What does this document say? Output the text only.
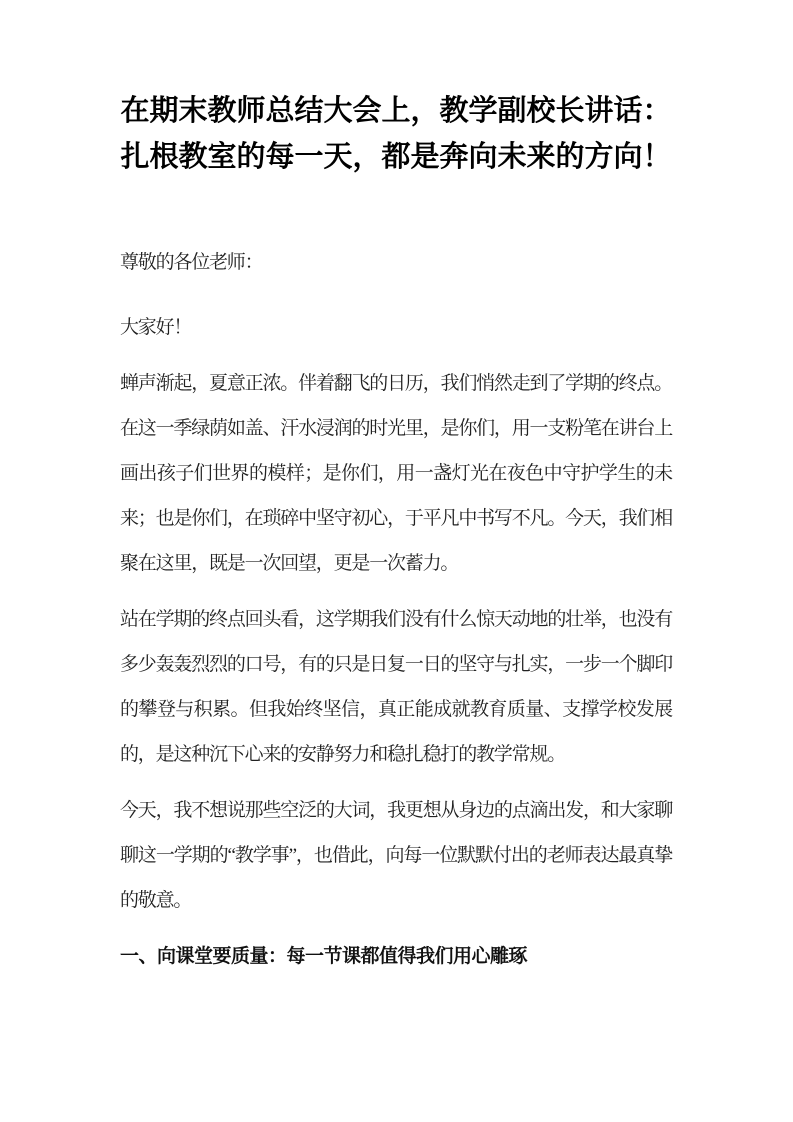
在期末教师总结大会上，教学副校长讲话：扎根教室的每一天，都是奔向未来的方向！

尊敬的各位老师：

大家好！

蝉声渐起，夏意正浓。伴着翻飞的日历，我们悄然走到了学期的终点。在这一季绿荫如盖、汗水浸润的时光里，是你们，用一支粉笔在讲台上画出孩子们世界的模样；是你们，用一盏灯光在夜色中守护学生的未来；也是你们，在琐碎中坚守初心，于平凡中书写不凡。今天，我们相聚在这里，既是一次回望，更是一次蓄力。

站在学期的终点回头看，这学期我们没有什么惊天动地的壮举，也没有多少轰轰烈烈的口号，有的只是日复一日的坚守与扎实，一步一个脚印的攀登与积累。但我始终坚信，真正能成就教育质量、支撑学校发展的，是这种沉下心来的安静努力和稳扎稳打的教学常规。

今天，我不想说那些空泛的大词，我更想从身边的点滴出发，和大家聊聊这一学期的“教学事”，也借此，向每一位默默付出的老师表达最真挚的敬意。

一、向课堂要质量：每一节课都值得我们用心雕琢
